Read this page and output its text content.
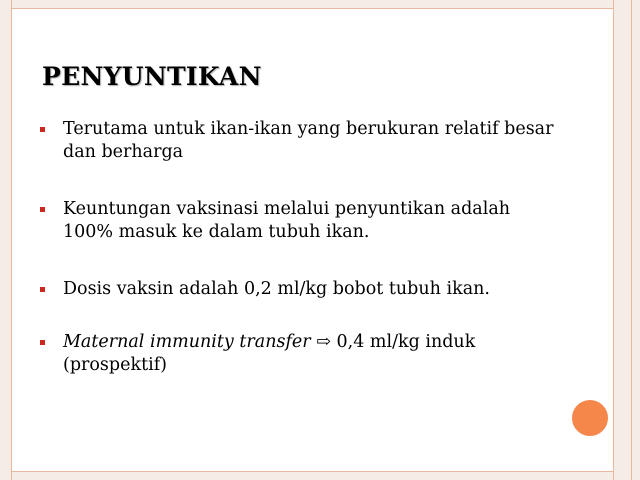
PENYUNTIKAN
Terutama untuk ikan-ikan yang berukuran relatif besar dan berharga
Keuntungan vaksinasi melalui penyuntikan adalah 100% masuk ke dalam tubuh ikan.
Dosis vaksin adalah 0,2 ml/kg bobot tubuh ikan.
Maternal immunity transfer ⇨ 0,4 ml/kg induk (prospektif)
